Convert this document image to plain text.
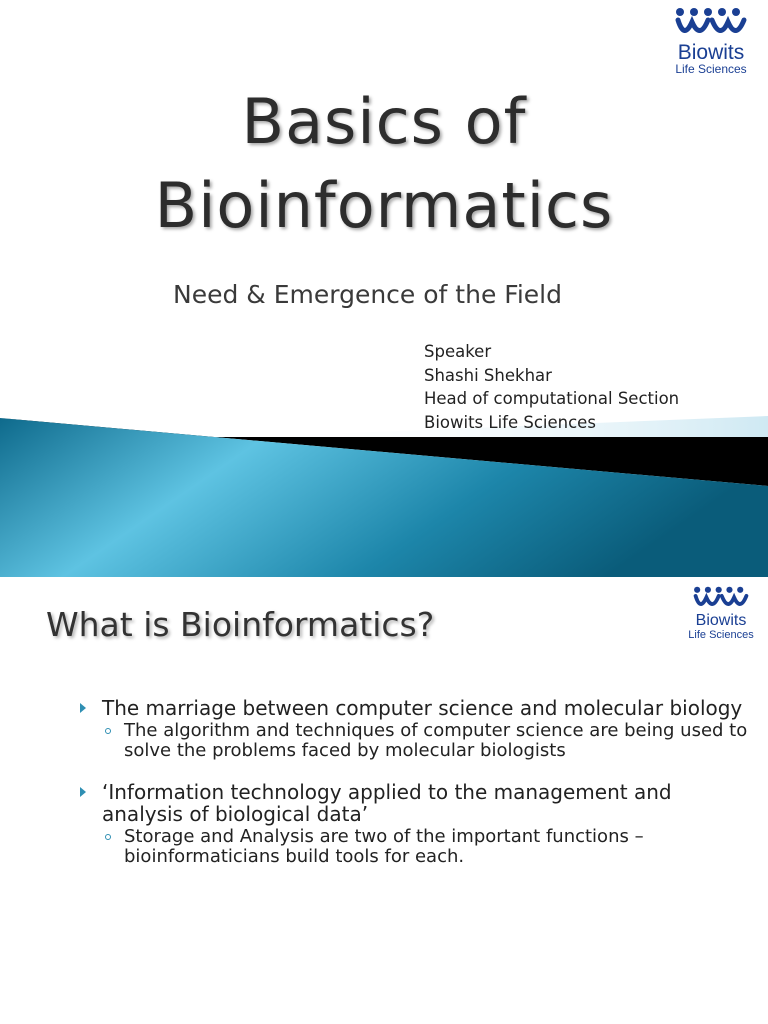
Biowits
Life Sciences
Basics of
Bioinformatics
Need & Emergence of the Field
Speaker
Shashi Shekhar
Head of computational Section
Biowits Life Sciences
Biowits
Life Sciences
What is Bioinformatics?
The marriage between computer science and molecular biology
The algorithm and techniques of computer science are being used to solve the problems faced by molecular biologists
‘Information technology applied to the management and analysis of biological data’
Storage and Analysis are two of the important functions – bioinformaticians build tools for each.
